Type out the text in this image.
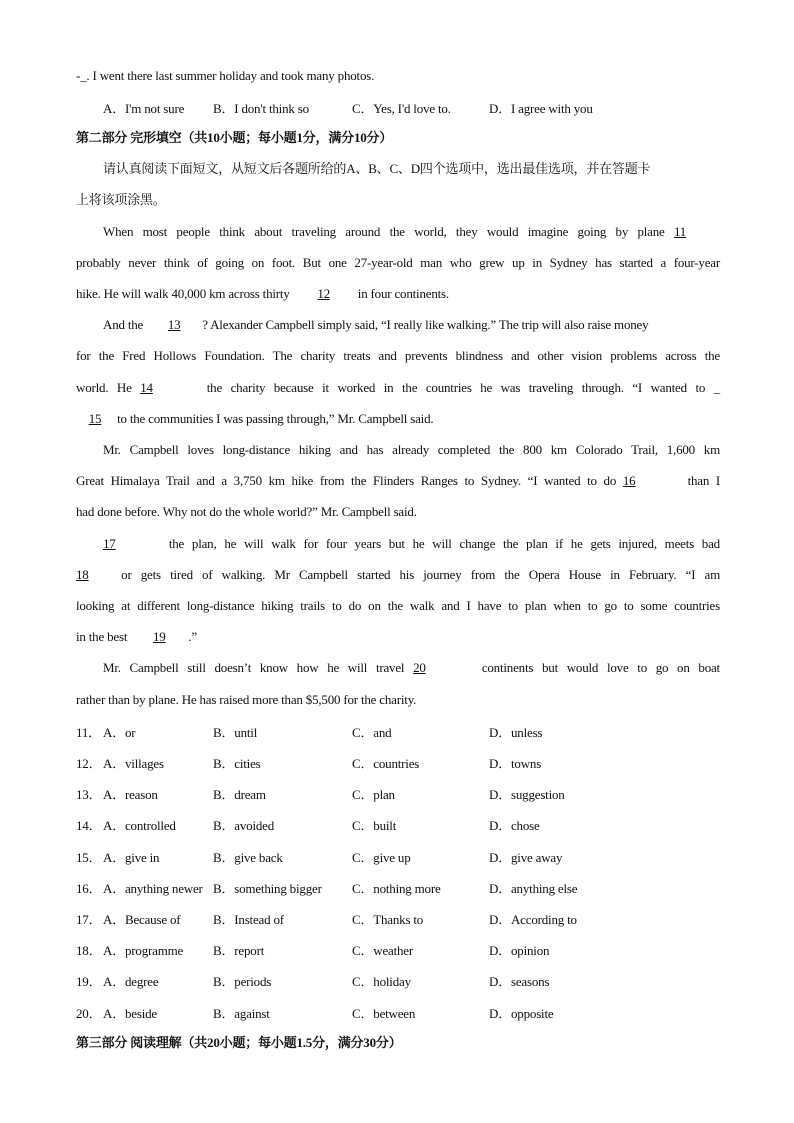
-_. I went there last summer holiday and took many photos.
A．I'm not sure B．I don't think so	C．Yes, I'd love to.	D．I agree with you
第二部分 完形填空（共10小题；每小题1分，满分10分）
请认真阅读下面短文，从短文后各题所给的A、B、C、D四个选项中，选出最佳选项，并在答题卡
上将该项涂黑。
When most people think about traveling around the world, they would imagine going by plane 11
probably never think of going on foot. But one 27-year-old man who grew up in Sydney has started a four-year
hike. He will walk 40,000 km across thirty 12 in four continents.
And the 13 ? Alexander Campbell simply said, “I really like walking.” The trip will also raise money
for the Fred Hollows Foundation. The charity treats and prevents blindness and other vision problems across the
world. He 14	the charity because it worked in the countries he was traveling through. “I wanted to _
15 to the communities I was passing through,” Mr. Campbell said.
Mr. Campbell loves long-distance hiking and has already completed the 800 km Colorado Trail, 1,600 km
Great Himalaya Trail and a 3,750 km hike from the Flinders Ranges to Sydney. “I wanted to do 16	than I
had done before. Why not do the whole world?” Mr. Campbell said.
17	the plan, he will walk for four years but he will change the plan if he gets injured, meets bad
18	or gets tired of walking. Mr Campbell started his journey from the Opera House in February. “I am
looking at different long-distance hiking trails to do on the walk and I have to plan when to go to some countries
in the best 19 .”
Mr. Campbell still doesn’t know how he will travel 20	continents but would love to go on boat
rather than by plane. He has raised more than $5,500 for the charity.
11． A．or	B．until	C．and	D．unless
12． A．villages	B．cities	C．countries	D．towns
13． A．reason	B．dream	C．plan	D．suggestion
14． A．controlled	B．avoided	C．built	D．chose
15． A．give in	B．give back	C．give up	D．give away
16． A．anything newer B．something bigger C．nothing more	D．anything else
17． A．Because of	B．Instead of	C．Thanks to	D．According to
18． A．programme B．report	C．weather	D．opinion
19． A．degree	B．periods	C．holiday	D．seasons
20． A．beside	B．against	C．between	D．opposite
第三部分 阅读理解（共20小题；每小题1.5分，满分30分）
